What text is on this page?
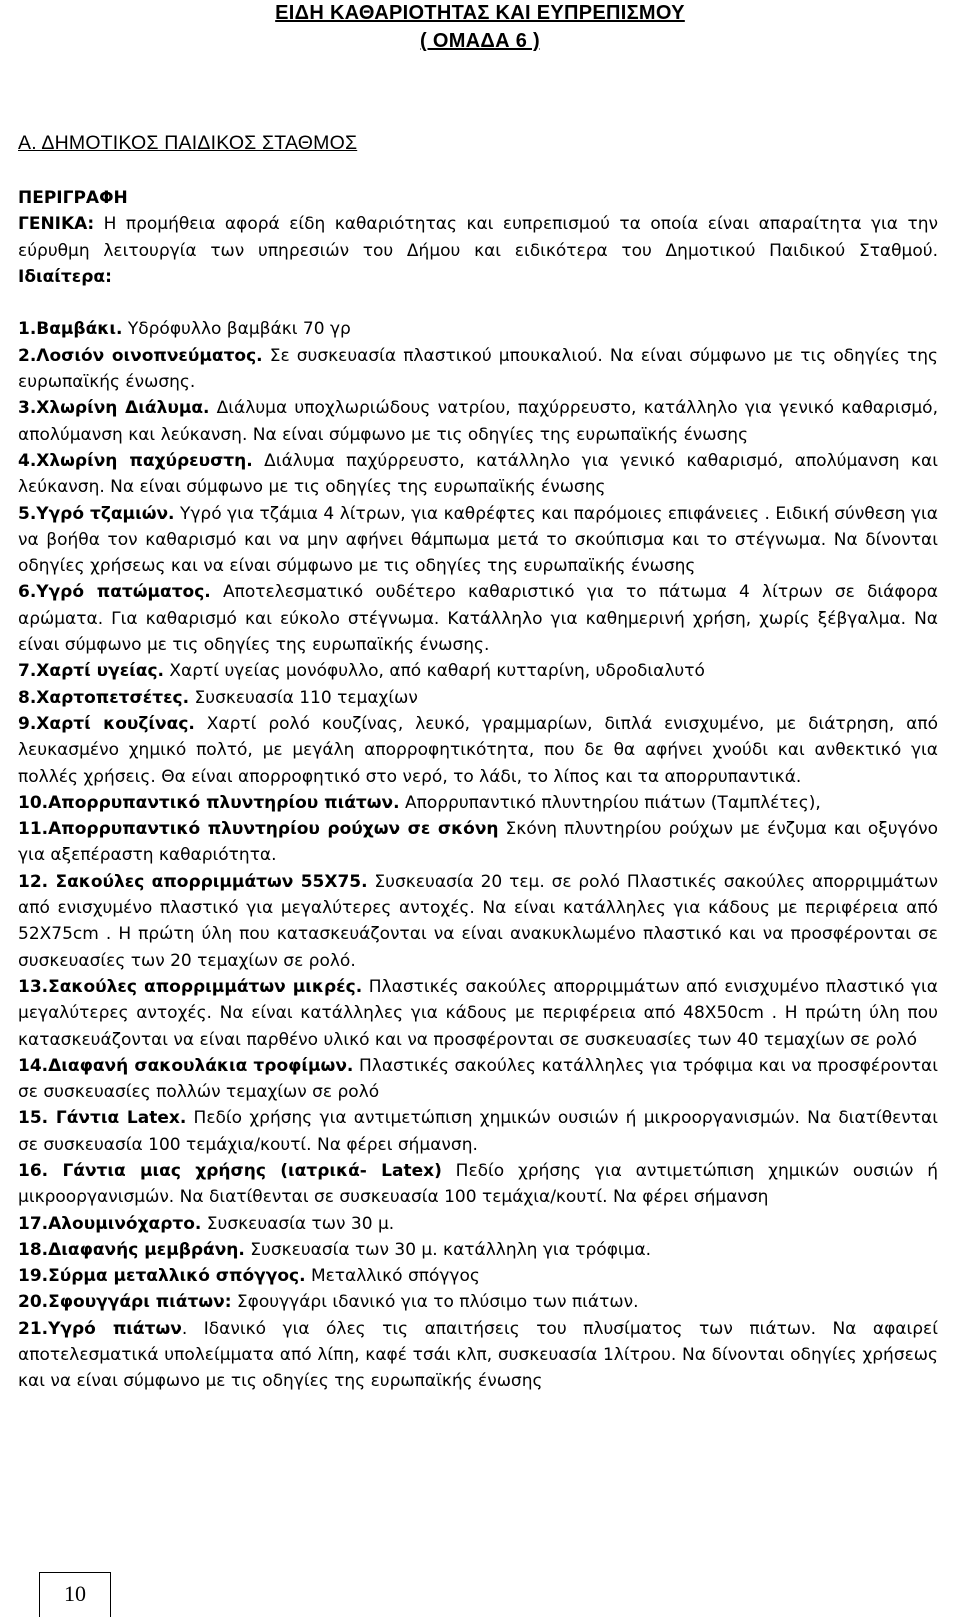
ΕΙΔΗ ΚΑΘΑΡΙΟΤΗΤΑΣ ΚΑΙ ΕΥΠΡΕΠΙΣΜΟΥ
( ΟΜΑΔΑ 6 )
Α. ΔΗΜΟΤΙΚΟΣ ΠΑΙΔΙΚΟΣ ΣΤΑΘΜΟΣ

ΠΕΡΙΓΡΑΦΗ

ΓΕΝΙΚΑ: Η προμήθεια αφορά είδη καθαριότητας και ευπρεπισμού τα οποία είναι απαραίτητα για την εύρυθμη λειτουργία των υπηρεσιών του Δήμου και ειδικότερα του Δημοτικού Παιδικού Σταθμού. Ιδιαίτερα:

1.Βαμβάκι. Υδρόφυλλο βαμβάκι 70 γρ

2.Λοσιόν οινοπνεύματος. Σε συσκευασία πλαστικού μπουκαλιού. Να είναι σύμφωνο με τις οδηγίες της ευρωπαϊκής ένωσης.

3.Χλωρίνη Διάλυμα. Διάλυμα υποχλωριώδους νατρίου, παχύρρευστο, κατάλληλο για γενικό καθαρισμό, απολύμανση και λεύκανση. Να είναι σύμφωνο με τις οδηγίες της ευρωπαϊκής ένωσης

4.Χλωρίνη παχύρευστη. Διάλυμα παχύρρευστο, κατάλληλο για γενικό καθαρισμό, απολύμανση και λεύκανση. Να είναι σύμφωνο με τις οδηγίες της ευρωπαϊκής ένωσης

5.Υγρό τζαμιών. Υγρό για τζάμια 4 λίτρων, για καθρέφτες και παρόμοιες επιφάνειες . Ειδική σύνθεση για να βοήθα τον καθαρισμό και να μην αφήνει θάμπωμα μετά το σκούπισμα και το στέγνωμα. Να δίνονται οδηγίες χρήσεως και να είναι σύμφωνο με τις οδηγίες της ευρωπαϊκής ένωσης

6.Υγρό πατώματος. Αποτελεσματικό ουδέτερο καθαριστικό για το πάτωμα 4 λίτρων σε διάφορα αρώματα. Για καθαρισμό και εύκολο στέγνωμα. Κατάλληλο για καθημερινή χρήση, χωρίς ξέβγαλμα. Να είναι σύμφωνο με τις οδηγίες της ευρωπαϊκής ένωσης.

7.Χαρτί υγείας. Χαρτί υγείας μονόφυλλο, από καθαρή κυτταρίνη, υδροδιαλυτό

8.Χαρτοπετσέτες. Συσκευασία 110 τεμαχίων

9.Χαρτί κουζίνας. Χαρτί ρολό κουζίνας, λευκό, γραμμαρίων, διπλά ενισχυμένο, με διάτρηση, από λευκασμένο χημικό πολτό, με μεγάλη απορροφητικότητα, που δε θα αφήνει χνούδι και ανθεκτικό για πολλές χρήσεις. Θα είναι απορροφητικό στο νερό, το λάδι, το λίπος και τα απορρυπαντικά.

10.Απορρυπαντικό πλυντηρίου πιάτων. Απορρυπαντικό πλυντηρίου πιάτων (Ταμπλέτες),

11.Απορρυπαντικό πλυντηρίου ρούχων σε σκόνη Σκόνη πλυντηρίου ρούχων με ένζυμα και οξυγόνο για αξεπέραστη καθαριότητα.

12. Σακούλες απορριμμάτων 55Χ75. Συσκευασία 20 τεμ. σε ρολό Πλαστικές σακούλες απορριμμάτων από ενισχυμένο πλαστικό για μεγαλύτερες αντοχές. Να είναι κατάλληλες για κάδους με περιφέρεια από 52Χ75cm . Η πρώτη ύλη που κατασκευάζονται να είναι ανακυκλωμένο πλαστικό και να προσφέρονται σε συσκευασίες των 20 τεμαχίων σε ρολό.

13.Σακούλες απορριμμάτων μικρές. Πλαστικές σακούλες απορριμμάτων από ενισχυμένο πλαστικό για μεγαλύτερες αντοχές. Να είναι κατάλληλες για κάδους με περιφέρεια από 48Χ50cm . Η πρώτη ύλη που κατασκευάζονται να είναι παρθένο υλικό και να προσφέρονται σε συσκευασίες των 40 τεμαχίων σε ρολό

14.Διαφανή σακουλάκια τροφίμων. Πλαστικές σακούλες κατάλληλες για τρόφιμα και να προσφέρονται σε συσκευασίες πολλών τεμαχίων σε ρολό

15. Γάντια Latex. Πεδίο χρήσης για αντιμετώπιση χημικών ουσιών ή μικροοργανισμών. Να διατίθενται σε συσκευασία 100 τεμάχια/κουτί. Να φέρει σήμανση.

16. Γάντια μιας χρήσης (ιατρικά- Latex) Πεδίο χρήσης για αντιμετώπιση χημικών ουσιών ή μικροοργανισμών. Να διατίθενται σε συσκευασία 100 τεμάχια/κουτί. Να φέρει σήμανση

17.Αλουμινόχαρτο. Συσκευασία των 30 μ.

18.Διαφανής μεμβράνη. Συσκευασία των 30 μ. κατάλληλη για τρόφιμα.

19.Σύρμα μεταλλικό σπόγγος. Μεταλλικό σπόγγος

20.Σφουγγάρι πιάτων: Σφουγγάρι ιδανικό για το πλύσιμο των πιάτων.

21.Υγρό πιάτων. Ιδανικό για όλες τις απαιτήσεις του πλυσίματος των πιάτων. Να αφαιρεί αποτελεσματικά υπολείμματα από λίπη, καφέ τσάι κλπ, συσκευασία 1λίτρου. Να δίνονται οδηγίες χρήσεως και να είναι σύμφωνο με τις οδηγίες της ευρωπαϊκής ένωσης

10
